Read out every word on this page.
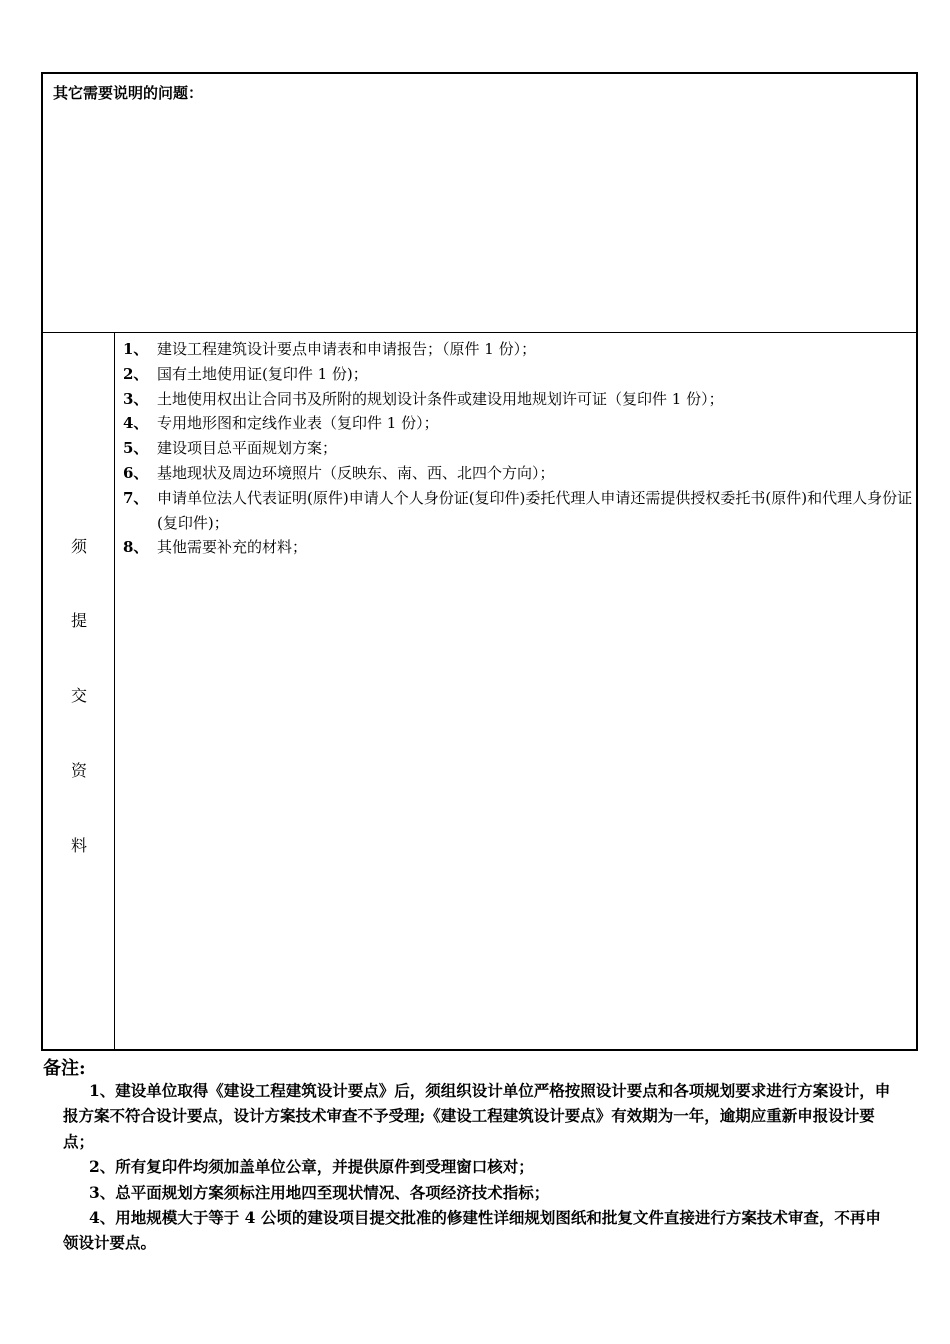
其它需要说明的问题：
须
提
交
资
料
1、 建设工程建筑设计要点申请表和申请报告；（原件 1 份）；
2、 国有土地使用证(复印件 1 份)；
3、 土地使用权出让合同书及所附的规划设计条件或建设用地规划许可证（复印件 1 份）；
4、 专用地形图和定线作业表（复印件 1 份）；
5、 建设项目总平面规划方案；
6、 基地现状及周边环境照片（反映东、南、西、北四个方向）；
7、 申请单位法人代表证明(原件)申请人个人身份证(复印件)委托代理人申请还需提供授权委托书(原件)和代理人身份证(复印件)；
8、 其他需要补充的材料；
备注:

1、建设单位取得《建设工程建筑设计要点》后，须组织设计单位严格按照设计要点和各项规划要求进行方案设计，申报方案不符合设计要点，设计方案技术审查不予受理;《建设工程建筑设计要点》有效期为一年，逾期应重新申报设计要点；

2、所有复印件均须加盖单位公章，并提供原件到受理窗口核对；

3、总平面规划方案须标注用地四至现状情况、各项经济技术指标；

4、用地规模大于等于 4 公顷的建设项目提交批准的修建性详细规划图纸和批复文件直接进行方案技术审查，不再申领设计要点。
